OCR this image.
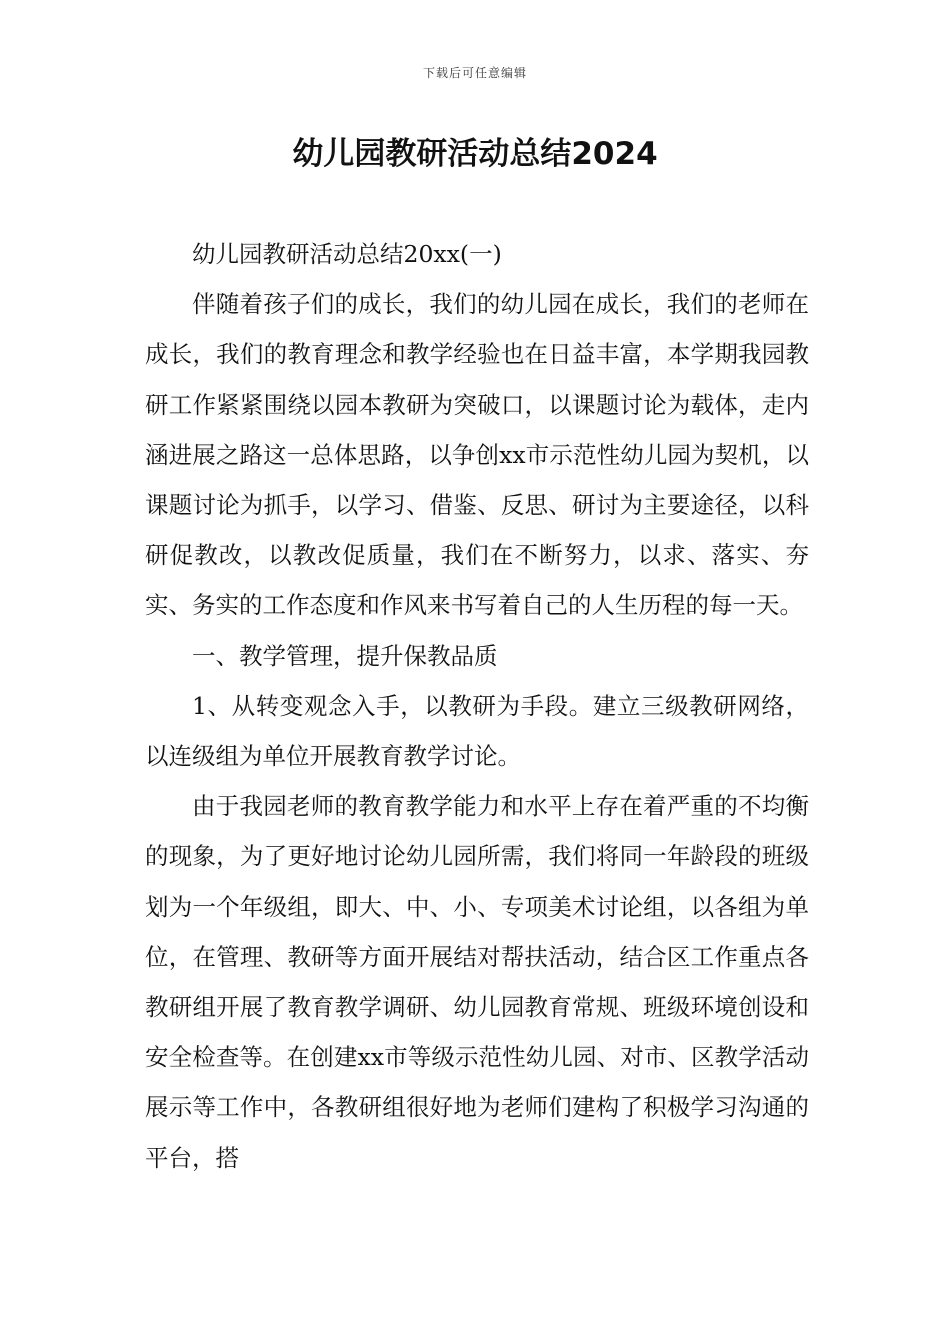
下载后可任意编辑
幼儿园教研活动总结2024

幼儿园教研活动总结20xx(一)

伴随着孩子们的成长，我们的幼儿园在成长，我们的老师在成长，我们的教育理念和教学经验也在日益丰富，本学期我园教研工作紧紧围绕以园本教研为突破口，以课题讨论为载体，走内涵进展之路这一总体思路，以争创xx市示范性幼儿园为契机，以课题讨论为抓手，以学习、借鉴、反思、研讨为主要途径，以科研促教改，以教改促质量，我们在不断努力，以求、落实、夯实、务实的工作态度和作风来书写着自己的人生历程的每一天。

一、教学管理，提升保教品质

1、从转变观念入手，以教研为手段。建立三级教研网络，以连级组为单位开展教育教学讨论。

由于我园老师的教育教学能力和水平上存在着严重的不均衡的现象，为了更好地讨论幼儿园所需，我们将同一年龄段的班级划为一个年级组，即大、中、小、专项美术讨论组，以各组为单位，在管理、教研等方面开展结对帮扶活动，结合区工作重点各教研组开展了教育教学调研、幼儿园教育常规、班级环境创设和安全检查等。在创建xx市等级示范性幼儿园、对市、区教学活动展示等工作中，各教研组很好地为老师们建构了积极学习沟通的平台，搭
